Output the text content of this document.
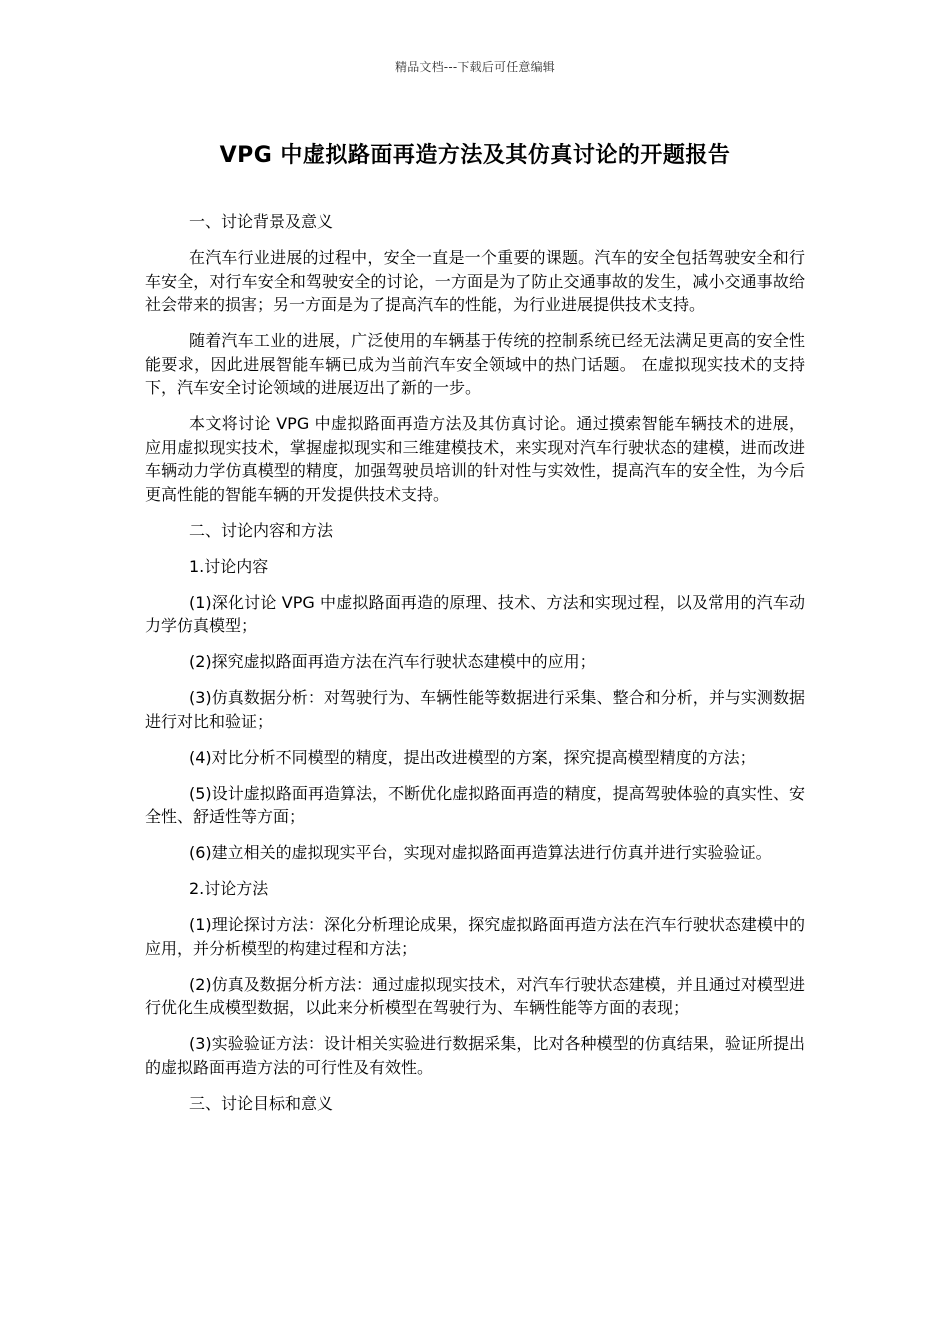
精品文档---下载后可任意编辑
VPG 中虚拟路面再造方法及其仿真讨论的开题报告

一、讨论背景及意义

在汽车行业进展的过程中，安全一直是一个重要的课题。汽车的安全包括驾驶安全和行车安全，对行车安全和驾驶安全的讨论，一方面是为了防止交通事故的发生，减小交通事故给社会带来的损害；另一方面是为了提高汽车的性能，为行业进展提供技术支持。

随着汽车工业的进展，广泛使用的车辆基于传统的控制系统已经无法满足更高的安全性能要求，因此进展智能车辆已成为当前汽车安全领域中的热门话题。 在虚拟现实技术的支持下，汽车安全讨论领域的进展迈出了新的一步。

本文将讨论 VPG 中虚拟路面再造方法及其仿真讨论。通过摸索智能车辆技术的进展，应用虚拟现实技术，掌握虚拟现实和三维建模技术，来实现对汽车行驶状态的建模，进而改进车辆动力学仿真模型的精度，加强驾驶员培训的针对性与实效性，提高汽车的安全性，为今后更高性能的智能车辆的开发提供技术支持。

二、讨论内容和方法

1.讨论内容

(1)深化讨论 VPG 中虚拟路面再造的原理、技术、方法和实现过程，以及常用的汽车动力学仿真模型；

(2)探究虚拟路面再造方法在汽车行驶状态建模中的应用；

(3)仿真数据分析：对驾驶行为、车辆性能等数据进行采集、整合和分析，并与实测数据进行对比和验证；

(4)对比分析不同模型的精度，提出改进模型的方案，探究提高模型精度的方法；

(5)设计虚拟路面再造算法，不断优化虚拟路面再造的精度，提高驾驶体验的真实性、安全性、舒适性等方面；

(6)建立相关的虚拟现实平台，实现对虚拟路面再造算法进行仿真并进行实验验证。

2.讨论方法

(1)理论探讨方法：深化分析理论成果，探究虚拟路面再造方法在汽车行驶状态建模中的应用，并分析模型的构建过程和方法；

(2)仿真及数据分析方法：通过虚拟现实技术，对汽车行驶状态建模，并且通过对模型进行优化生成模型数据，以此来分析模型在驾驶行为、车辆性能等方面的表现；

(3)实验验证方法：设计相关实验进行数据采集，比对各种模型的仿真结果，验证所提出的虚拟路面再造方法的可行性及有效性。

三、讨论目标和意义
